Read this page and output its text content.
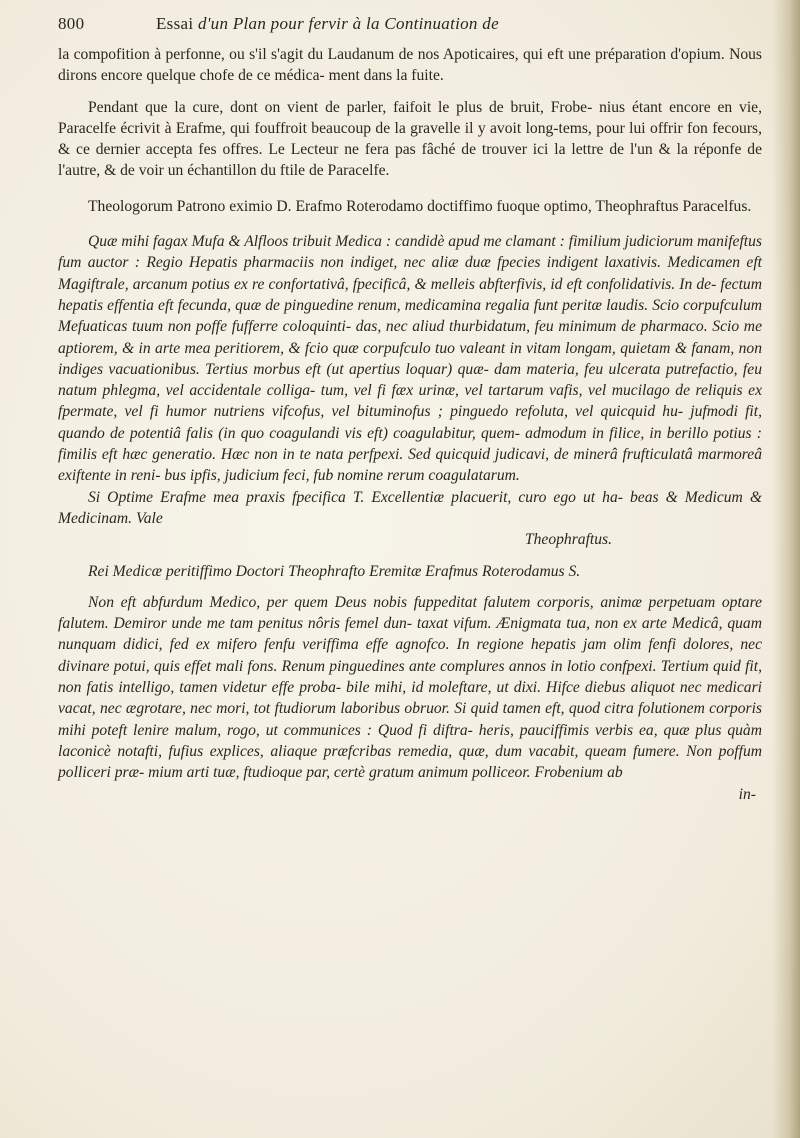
800	Essai d'un Plan pour fervir à la Continuation de

la compofition à perfonne, ou s'il s'agit du Laudanum de nos Apoticaires, qui eft une préparation d'opium. Nous dirons encore quelque chofe de ce médica- ment dans la fuite.

Pendant que la cure, dont on vient de parler, faifoit le plus de bruit, Frobe- nius étant encore en vie, Paracelfe écrivit à Erafme, qui fouffroit beaucoup de la gravelle il y avoit long-tems, pour lui offrir fon fecours, & ce dernier accepta fes offres. Le Lecteur ne fera pas fâché de trouver ici la lettre de l'un & la réponfe de l'autre, & de voir un échantillon du ftile de Paracelfe.

Theologorum Patrono eximio D. Erafmo Roterodamo doctiffimo fuoque optimo, Theophraftus Paracelfus.

Quæ mihi fagax Mufa & Alfloos tribuit Medica : candidè apud me clamant : fimilium judiciorum manifeftus fum auctor : Regio Hepatis pharmaciis non indiget, nec aliæ duæ fpecies indigent laxativis. Medicamen eft Magiftrale, arcanum potius ex re confortativâ, fpecificâ, & melleis abfterfivis, id eft confolidativis. In de- fectum hepatis effentia eft fecunda, quæ de pinguedine renum, medicamina regalia funt peritæ laudis. Scio corpufculum Mefuaticas tuum non poffe fufferre coloquinti- das, nec aliud thurbidatum, feu minimum de pharmaco. Scio me aptiorem, & in arte mea peritiorem, & fcio quæ corpufculo tuo valeant in vitam longam, quietam & fanam, non indiges vacuationibus. Tertius morbus eft (ut apertius loquar) quæ- dam materia, feu ulcerata putrefactio, feu natum phlegma, vel accidentale colliga- tum, vel fi fæx urinæ, vel tartarum vafis, vel mucilago de reliquis ex fpermate, vel fi humor nutriens vifcofus, vel bituminofus ; pinguedo refoluta, vel quicquid hu- jufmodi fit, quando de potentiâ falis (in quo coagulandi vis eft) coagulabitur, quem- admodum in filice, in berillo potius : fimilis eft hæc generatio. Hæc non in te nata perfpexi. Sed quicquid judicavi, de minerâ frufticulatâ marmoreâ exiftente in reni- bus ipfis, judicium feci, fub nomine rerum coagulatarum.

Si Optime Erafme mea praxis fpecifica T. Excellentiæ placuerit, curo ego ut ha- beas & Medicum & Medicinam. Vale

Theophraftus.

Rei Medicæ peritiffimo Doctori Theophrafto Eremitæ Erafmus Roterodamus S.

Non eft abfurdum Medico, per quem Deus nobis fuppeditat falutem corporis, animæ perpetuam optare falutem. Demiror unde me tam penitus nôris femel dun- taxat vifum. Ænigmata tua, non ex arte Medicâ, quam nunquam didici, fed ex mifero fenfu veriffima effe agnofco. In regione hepatis jam olim fenfi dolores, nec divinare potui, quis effet mali fons. Renum pinguedines ante complures annos in lotio confpexi. Tertium quid fit, non fatis intelligo, tamen videtur effe proba- bile mihi, id moleftare, ut dixi. Hifce diebus aliquot nec medicari vacat, nec ægrotare, nec mori, tot ftudiorum laboribus obruor. Si quid tamen eft, quod citra folutionem corporis mihi poteft lenire malum, rogo, ut communices : Quod fi diftra- heris, pauciffimis verbis ea, quæ plus quàm laconicè notafti, fufius explices, aliaque præfcribas remedia, quæ, dum vacabit, queam fumere. Non poffum polliceri præ- mium arti tuæ, ftudioque par, certè gratum animum polliceor. Frobenium ab

in-
